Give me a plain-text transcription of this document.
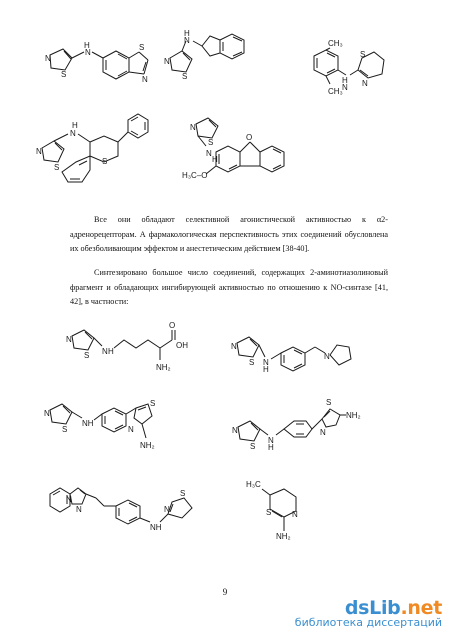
N
S
H
N
S
N
N
S
H
N	CH₃
CH₃
H
N
S
N
N
S
H
N
S
N
S
N
H
O
H₃C–O
Все они обладают селективной агонистической активностью к α2-адренорецепторам. А фармакологическая перспективность этих соединений обусловлена их обезболивающим эффектом и анестетическим действием [38-40].
Синтезировано большое число соединений, содержащих 2-аминотиазолиновый фрагмент и обладающих ингибирующей активностью по отношению к NO-синтазе [41, 42], в частности:
N
S N H
O
OH
NH₂
N
S N
H
N
N
S
NH
S
N
NH₂
N
S
N
H
S
N
NH₂
N
N
NH
S
N
H₃C
S	N
NH₂
9
dsLib.net
библиотека диссертаций
